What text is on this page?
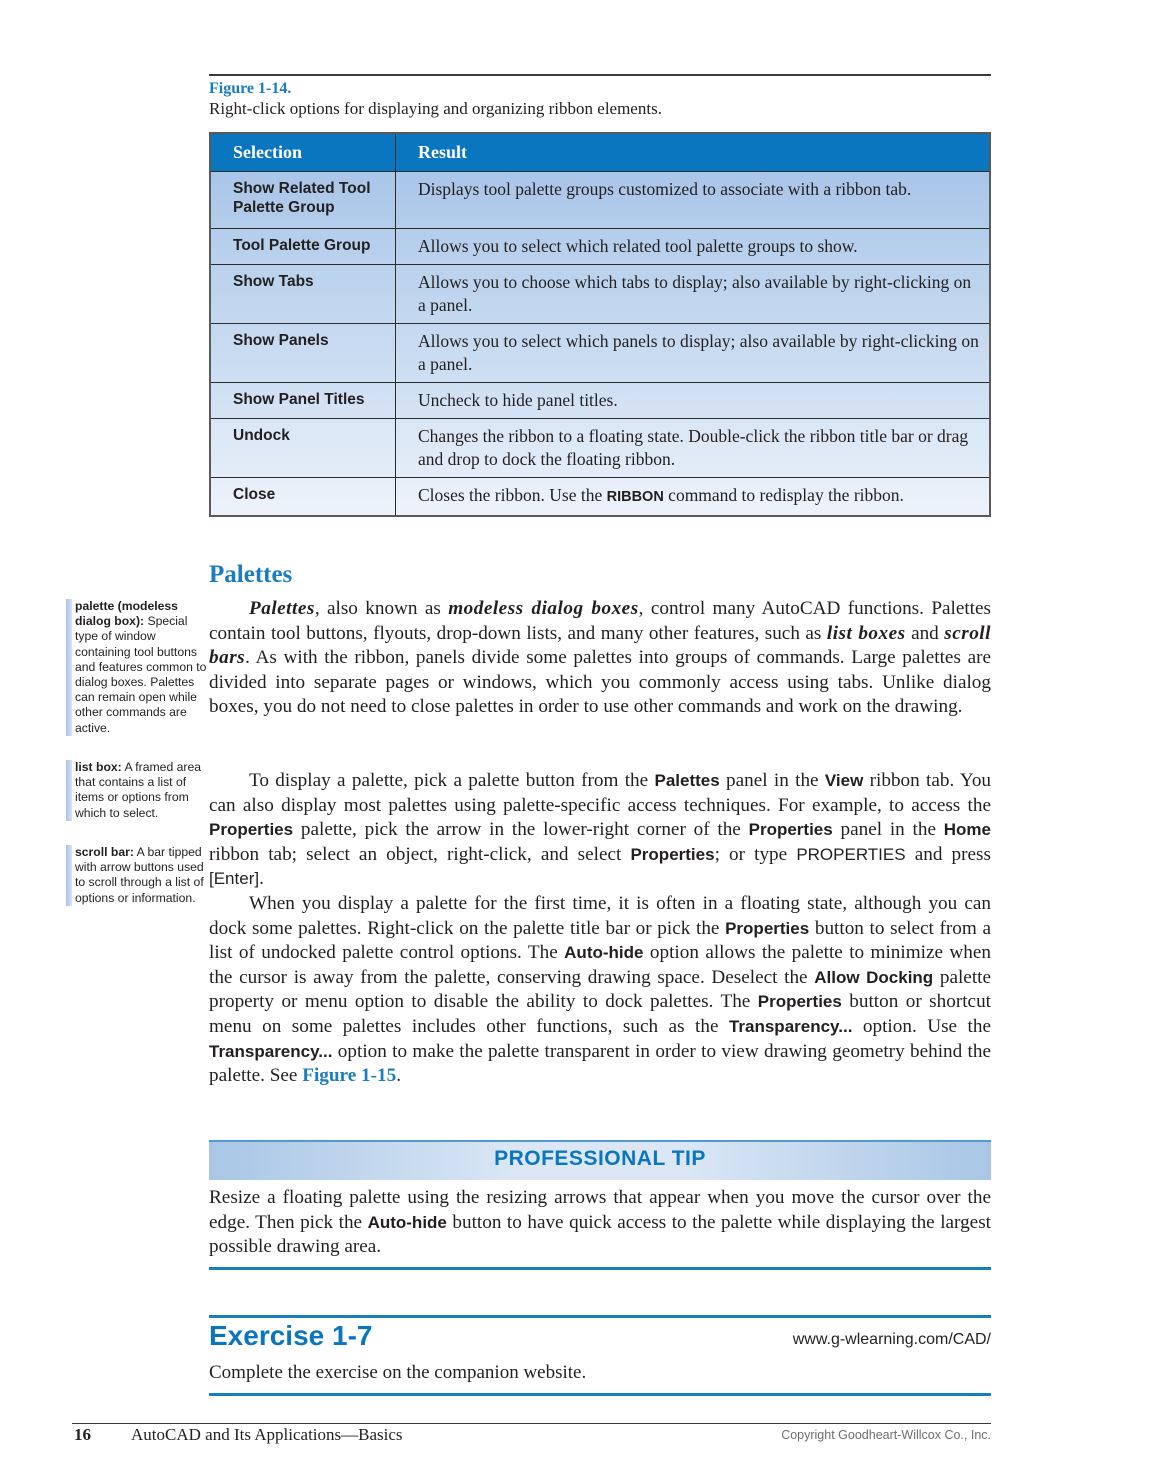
Figure 1-14.
Right-click options for displaying and organizing ribbon elements.
Selection	Result
Show Related Tool Palette Group	Displays tool palette groups customized to associate with a ribbon tab.
Tool Palette Group	Allows you to select which related tool palette groups to show.
Show Tabs	Allows you to choose which tabs to display; also available by right-clicking on a panel.
Show Panels	Allows you to select which panels to display; also available by right-clicking on a panel.
Show Panel Titles	Uncheck to hide panel titles.
Undock	Changes the ribbon to a floating state. Double-click the ribbon title bar or drag and drop to dock the floating ribbon.
Close	Closes the ribbon. Use the RIBBON command to redisplay the ribbon.
Palettes
palette (modeless dialog box): Special type of window containing tool buttons and features common to dialog boxes. Palettes can remain open while other commands are active.
list box: A framed area that contains a list of items or options from which to select.
scroll bar: A bar tipped with arrow buttons used to scroll through a list of options or information.
Palettes, also known as modeless dialog boxes, control many AutoCAD functions. Palettes contain tool buttons, flyouts, drop-down lists, and many other features, such as list boxes and scroll bars. As with the ribbon, panels divide some palettes into groups of commands. Large palettes are divided into separate pages or windows, which you commonly access using tabs. Unlike dialog boxes, you do not need to close palettes in order to use other commands and work on the drawing.
To display a palette, pick a palette button from the Palettes panel in the View ribbon tab. You can also display most palettes using palette-specific access techniques. For example, to access the Properties palette, pick the arrow in the lower-right corner of the Properties panel in the Home ribbon tab; select an object, right-click, and select Properties; or type PROPERTIES and press [Enter].
When you display a palette for the first time, it is often in a floating state, although you can dock some palettes. Right-click on the palette title bar or pick the Properties button to select from a list of undocked palette control options. The Auto-hide option allows the palette to minimize when the cursor is away from the palette, conserving drawing space. Deselect the Allow Docking palette property or menu option to disable the ability to dock palettes. The Properties button or shortcut menu on some palettes includes other functions, such as the Transparency... option. Use the Transparency... option to make the palette transparent in order to view drawing geometry behind the palette. See Figure 1-15.
PROFESSIONAL TIP
Resize a floating palette using the resizing arrows that appear when you move the cursor over the edge. Then pick the Auto-hide button to have quick access to the palette while displaying the largest possible drawing area.
Exercise 1-7	www.g-wlearning.com/CAD/
Complete the exercise on the companion website.
16 AutoCAD and Its Applications—Basics	Copyright Goodheart-Willcox Co., Inc.
